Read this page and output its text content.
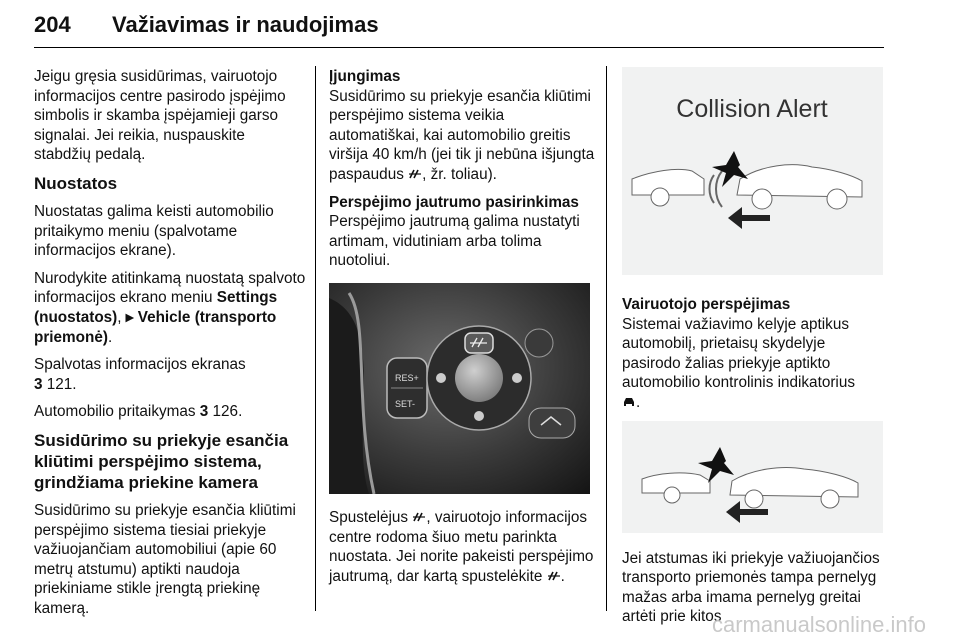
204 Važiavimas ir naudojimas

Jeigu gręsia susidūrimas, vairuotojo informacijos centre pasirodo įspėjimo simbolis ir skamba įspėjamieji garso signalai. Jei reikia, nuspauskite stabdžių pedalą.

Nuostatos

Nuostatas galima keisti automobilio pritaikymo meniu (spalvotame informacijos ekrane).

Nurodykite atitinkamą nuostatą spalvoto informacijos ekrano meniu Settings (nuostatos), ▸ Vehicle (transporto priemonė).

Spalvotas informacijos ekranas
3 121.

Automobilio pritaikymas 3 126.

Susidūrimo su priekyje esančia kliūtimi perspėjimo sistema, grindžiama priekine kamera

Susidūrimo su priekyje esančia kliūtimi perspėjimo sistema tiesiai priekyje važiuojančiam automobiliui (apie 60 metrų atstumu) aptikti naudoja priekiniame stikle įrengtą priekinę kamerą.

Įjungimas

Susidūrimo su priekyje esančia kliūtimi perspėjimo sistema veikia automatiškai, kai automobilio greitis viršija 40 km/h (jei tik ji nebūna išjungta paspaudus , žr. toliau).

Perspėjimo jautrumo pasirinkimas

Perspėjimo jautrumą galima nustatyti artimam, vidutiniam arba tolima nuotoliui.

RES+
SET-

Spustelėjus , vairuotojo informacijos centre rodoma šiuo metu parinkta nuostata. Jei norite pakeisti perspėjimo jautrumą, dar kartą spustelėkite .

Collision Alert
Vairuotojo perspėjimas

Sistemai važiavimo kelyje aptikus automobilį, prietaisų skydelyje pasirodo žalias priekyje aptikto automobilio kontrolinis indikatorius
.

Jei atstumas iki priekyje važiuojančios transporto priemonės tampa pernelyg mažas arba imama pernelyg greitai artėti prie kitos

carmanualsonline.info
